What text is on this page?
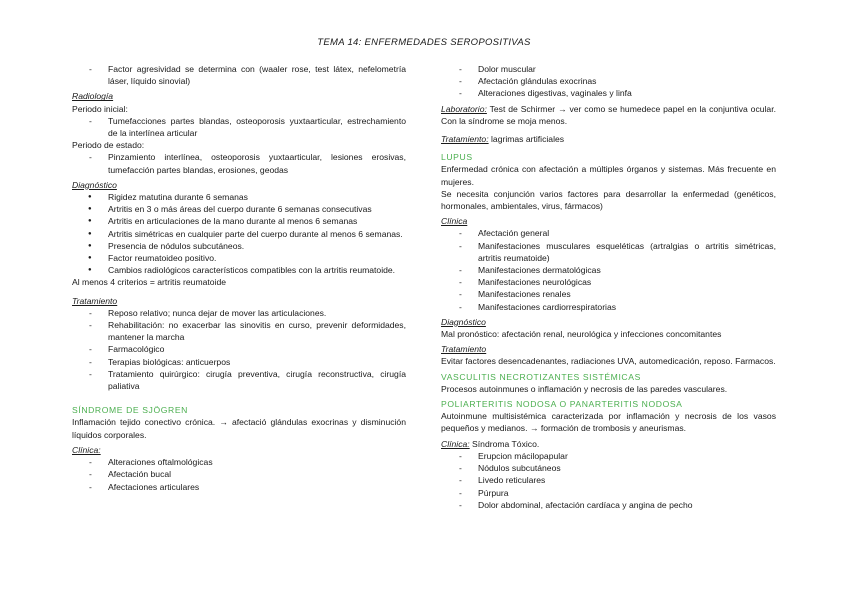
TEMA 14: ENFERMEDADES SEROPOSITIVAS
- Factor agresividad se determina con (waaler rose, test látex, nefelometría láser, líquido sinovial)
Radiología
Periodo inicial:
- Tumefacciones partes blandas, osteoporosis yuxtaarticular, estrechamiento de la interlínea articular
Periodo de estado:
- Pinzamiento interlínea, osteoporosis yuxtaarticular, lesiones erosivas, tumefacción partes blandas, erosiones, geodas
Diagnóstico
● Rigidez matutina durante 6 semanas
● Artritis en 3 o más áreas del cuerpo durante 6 semanas consecutivas
● Artritis en articulaciones de la mano durante al menos 6 semanas
● Artritis simétricas en cualquier parte del cuerpo durante al menos 6 semanas.
● Presencia de nódulos subcutáneos.
● Factor reumatoideo positivo.
● Cambios radiológicos característicos compatibles con la artritis reumatoide.
Al menos 4 criterios = artritis reumatoide
Tratamiento
- Reposo relativo; nunca dejar de mover las articulaciones.
- Rehabilitación: no exacerbar las sinovitis en curso, prevenir deformidades, mantener la marcha
- Farmacológico
- Terapias biológicas: anticuerpos
- Tratamiento quirúrgico: cirugía preventiva, cirugía reconstructiva, cirugía paliativa
SÍNDROME DE SJÖGREN
Inflamación tejido conectivo crónica. → afectació glándulas exocrinas y disminución líquidos corporales.
Clínica:
- Alteraciones oftalmológicas
- Afectación bucal
- Afectaciones articulares
- Dolor muscular
- Afectación glándulas exocrinas
- Alteraciones digestivas, vaginales y linfa
Laboratorio: Test de Schirmer → ver como se humedece papel en la conjuntiva ocular. Con la síndrome se moja menos.
Tratamiento: lagrimas artificiales
LUPUS
Enfermedad crónica con afectación a múltiples órganos y sistemas. Más frecuente en mujeres.
Se necesita conjunción varios factores para desarrollar la enfermedad (genéticos, hormonales, ambientales, virus, fármacos)
Clínica
- Afectación general
- Manifestaciones musculares esqueléticas (artralgias o artritis simétricas, artritis reumatoide)
- Manifestaciones dermatológicas
- Manifestaciones neurológicas
- Manifestaciones renales
- Manifestaciones cardiorrespiratorias
Diagnóstico
Mal pronóstico: afectación renal, neurológica y infecciones concomitantes
Tratamiento
Evitar factores desencadenantes, radiaciones UVA, automedicación, reposo. Farmacos.
VASCULITIS NECROTIZANTES SISTÉMICAS
Procesos autoinmunes o inflamación y necrosis de las paredes vasculares.
POLIARTERITIS NODOSA O PANARTERITIS NODOSA
Autoinmune multisistémica caracterizada por inflamación y necrosis de los vasos pequeños y medianos. → formación de trombosis y aneurismas.
Clínica: Síndroma Tóxico.
- Erupcion mácilopapular
- Nódulos subcutáneos
- Livedo reticulares
- Púrpura
- Dolor abdominal, afectación cardíaca y angina de pecho
